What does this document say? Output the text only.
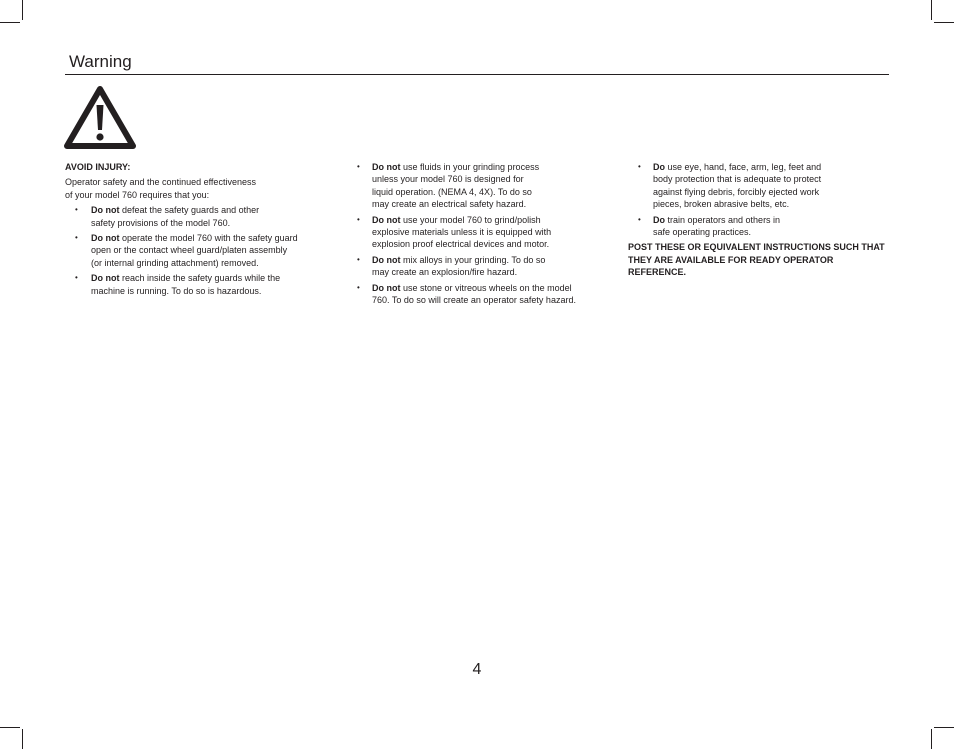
Warning
AVOID INJURY:

Operator safety and the continued effectiveness
of your model 760 requires that you:

• Do not defeat the safety guards and other
safety provisions of the model 760.
• Do not operate the model 760 with the safety guard
open or the contact wheel guard/platen assembly
(or internal grinding attachment) removed.
• Do not reach inside the safety guards while the
machine is running. To do so is hazardous.
• Do not use fluids in your grinding process
unless your model 760 is designed for
liquid operation. (NEMA 4, 4X). To do so
may create an electrical safety hazard.
• Do not use your model 760 to grind/polish
explosive materials unless it is equipped with
explosion proof electrical devices and motor.
• Do not mix alloys in your grinding. To do so
may create an explosion/fire hazard.
• Do not use stone or vitreous wheels on the model
760. To do so will create an operator safety hazard.
• Do use eye, hand, face, arm, leg, feet and
body protection that is adequate to protect
against flying debris, forcibly ejected work
pieces, broken abrasive belts, etc.
• Do train operators and others in
safe operating practices.

POST THESE OR EQUIVALENT INSTRUCTIONS SUCH THAT
THEY ARE AVAILABLE FOR READY OPERATOR REFERENCE.

4
